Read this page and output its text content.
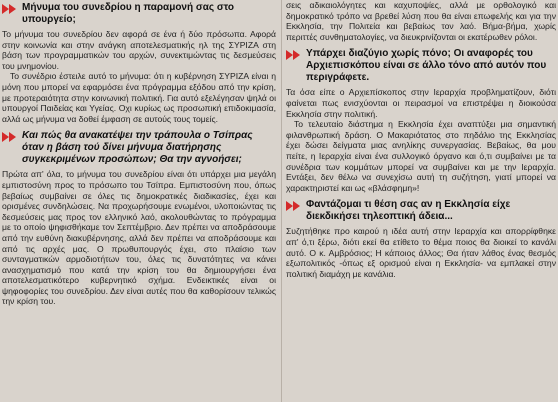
Μήνυμα του συνεδρίου η παραμονή σας στο υπουργείο;

Το μήνυμα του συνεδρίου δεν αφορά σε ένα ή δύο πρόσωπα. Αφορά στην κοινωνία και στην ανάγκη αποτελεσματικής ηλ της ΣΥΡΙΖΑ στη βάση των προγραμματικών του αρχών, συνεκτιμώντας τις δεσμεύσεις του μνημονίου.

Το συνέδριο έστειλε αυτό το μήνυμα: ότι η κυβέρνηση ΣΥΡΙΖΑ είναι η μόνη που μπορεί να εφαρμόσει ένα πρόγραμμα εξόδου από την κρίση, με προτεραιότητα στην κοινωνική πολιτική. Για αυτό εξελέγησαν ψηλά οι υπουργοί Παιδείας και Υγείας. Οχι κυρίως ως προσωπική επιδοκιμασία, αλλά ως μήνυμα να δοθεί έμφαση σε αυτούς τους τομείς.

Και πώς θα ανακατέψει την τράπουλα ο Τσίπρας όταν η βάση τού δίνει μήνυμα διατήρησης συγκεκριμένων προσώπων; Θα την αγνοήσει;

Πρώτα απ' όλα, το μήνυμα του συνεδρίου είναι ότι υπάρχει μια μεγάλη εμπιστοσύνη προς το πρόσωπο του Τσίπρα. Εμπιστοσύνη που, όπως βεβαίως συμβαίνει σε όλες τις δημοκρατικές διαδικασίες, έχει και ορισμένες συνδηλώσεις. Να προχωρήσουμε ενωμένοι, υλοποιώντας τις δεσμεύσεις μας προς τον ελληνικό λαό, ακολουθώντας το πρόγραμμα με το οποίο ψηφισθήκαμε τον Σεπτέμβριο. Δεν πρέπει να αποδράσουμε από την ευθύνη διακυβέρνησης, αλλά δεν πρέπει να αποδράσουμε και από τις αρχές μας. Ο πρωθυπουργός έχει, στο πλαίσιο των συνταγματικών αρμοδιοτήτων του, όλες τις δυνατότητες να κάνει ανασχηματισμό που κατά την κρίση του θα δημιουργήσει ένα αποτελεσματικότερο κυβερνητικό σχήμα. Ενδεικτικές είναι οι ψηφοφορίες του συνεδρίου. Δεν είναι αυτές που θα καθορίσουν τελικώς την κρίση του.

σεις αδικαιολόγητες και καχυποψίες, αλλά με ορθολογικό και δημοκρατικό τρόπο να βρεθεί λύση που θα είναι επωφελής και για την Εκκλησία, την Πολιτεία και βεβαίως τον λαό. Βήμα-βήμα, χωρίς περιττές συνθηματολογίες, να διευκρινίζονται οι εκατέρωθεν ρόλοι.

Υπάρχει διαζύγιο χωρίς πόνο; Οι αναφορές του Αρχιεπισκόπου είναι σε άλλο τόνο από αυτόν που περιγράφετε.

Τα όσα είπε ο Αρχιεπίσκοπος στην Ιεραρχία προβληματίζουν, διότι φαίνεται πως ενισχύονται οι πειρασμοί να επιστρέψει η διοικούσα Εκκλησία στην πολιτική.

Το τελευταίο διάστημα η Εκκλησία έχει αναπτύξει μια σημαντική φιλανθρωπική δράση. Ο Μακαριότατος στο πηδάλιο της Εκκλησίας έχει δώσει δείγματα μιας ανηλίκης συνεργασίας. Βεβαίως, θα μου πείτε, η Ιεραρχία είναι ένα συλλογικό όργανο και ό,τι συμβαίνει με τα συνέδρια των κομμάτων μπορεί να συμβαίνει και με την Ιεραρχία. Εντάξει, δεν θέλω να συνεχίσω αυτή τη συζήτηση, γιατί μπορεί να χαρακτηριστεί και ως «βλάσφημη»!

Φαντάζομαι τι θέση σας αν η Εκκλησία είχε διεκδικήσει τηλεοπτική άδεια...

Συζητήθηκε προ καιρού η ιδέα αυτή στην Ιεραρχία και απορρίφθηκε απ' ό,τι ξέρω, διότι εκεί θα ετίθετο το θέμα ποιος θα διοικεί το κανάλι αυτό. Ο κ. Αμβρόσιος; Η κάποιος άλλος; Θα ήταν λάθος ένας θεσμός εξωπολιτικός -όπως εξ ορισμού είναι η Εκκλησία- να εμπλακεί στην πολιτική διαμάχη με κανάλια.
